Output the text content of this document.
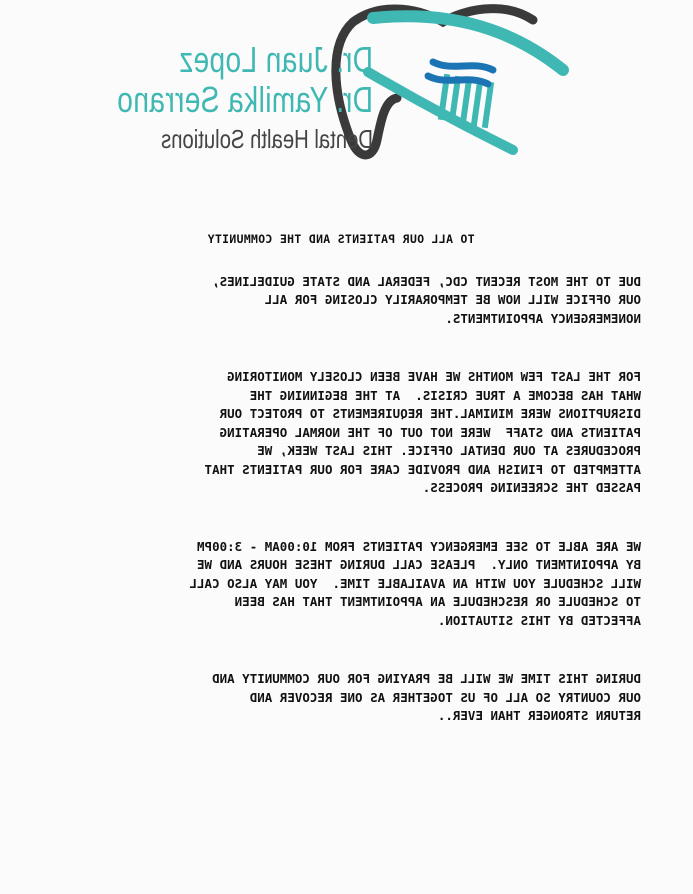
Dr. Juan Lopez
Dr. Yamilka Serrano
Dental Health Solutions
TO ALL OUR PATIENTS AND THE COMMUNITY
DUE TO THE MOST RECENT CDC, FEDERAL AND STATE GUIDELINES,
OUR OFFICE WILL NOW BE TEMPORARILY CLOSING FOR ALL
NONEMERGENCY APPOINTMENTS.
FOR THE LAST FEW MONTHS WE HAVE BEEN CLOSELY MONITORING
WHAT HAS BECOME A TRUE CRISIS.  AT THE BEGINNING THE
DISRUPTIONS WERE MINIMAL.THE REQUIREMENTS TO PROTECT OUR
PATIENTS AND STAFF  WERE NOT OUT OF THE NORMAL OPERATING
PROCEDURES AT OUR DENTAL OFFICE. THIS LAST WEEK, WE
ATTEMPTED TO FINISH AND PROVIDE CARE FOR OUR PATIENTS THAT
PASSED THE SCREENING PROCESS.
WE ARE ABLE TO SEE EMERGENCY PATIENTS FROM 10:00AM - 3:00PM
BY APPOINTMENT ONLY.  PLEASE CALL DURING THESE HOURS AND WE
WILL SCHEDULE YOU WITH AN AVAILABLE TIME.  YOU MAY ALSO CALL
TO SCHEDULE OR RESCHEDULE AN APPOINTMENT THAT HAS BEEN
AFFECTED BY THIS SITUATION.
DURING THIS TIME WE WILL BE PRAYING FOR OUR COMMUNITY AND
OUR COUNTRY SO ALL OF US TOGETHER AS ONE RECOVER AND
RETURN STRONGER THAN EVER..
